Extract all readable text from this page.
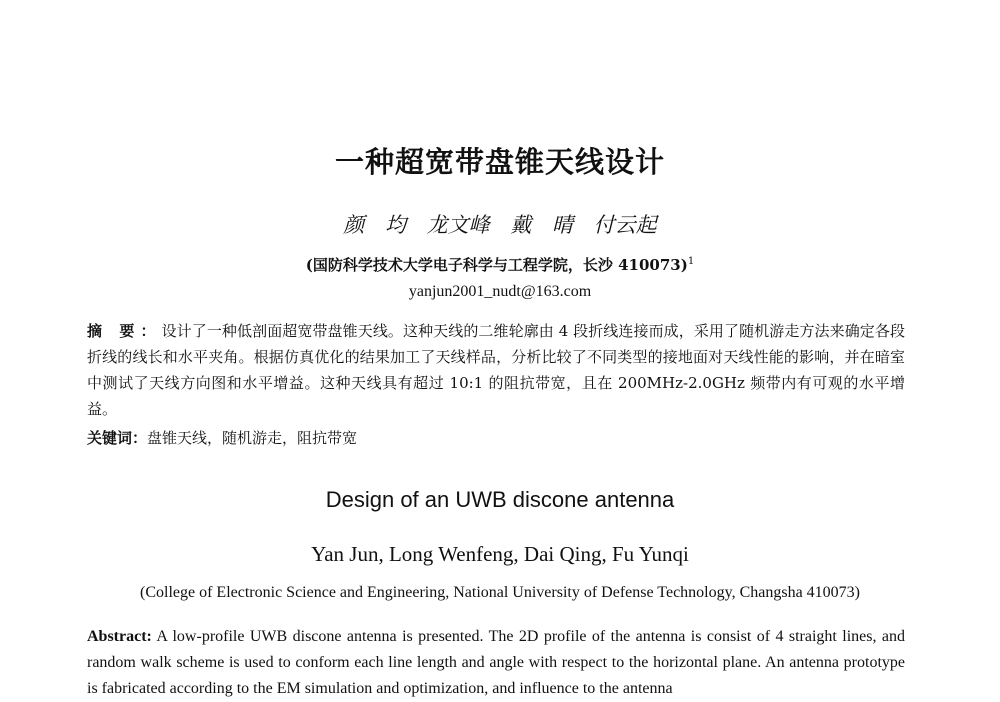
一种超宽带盘锥天线设计
颜 均 龙文峰 戴 晴 付云起
(国防科学技术大学电子科学与工程学院，长沙 410073)$^1$
yanjun2001_nudt@163.com
摘 要：设计了一种低剖面超宽带盘锥天线。这种天线的二维轮廓由 4 段折线连接而成，采用了随机游走方法来确定各段折线的线长和水平夹角。根据仿真优化的结果加工了天线样品，分析比较了不同类型的接地面对天线性能的影响，并在暗室中测试了天线方向图和水平增益。这种天线具有超过 10:1 的阻抗带宽，且在 200MHz-2.0GHz 频带内有可观的水平增益。
关键词：盘锥天线，随机游走，阻抗带宽
Design of an UWB discone antenna
Yan Jun, Long Wenfeng, Dai Qing, Fu Yunqi
(College of Electronic Science and Engineering, National University of Defense Technology, Changsha 410073)
Abstract: A low-profile UWB discone antenna is presented. The 2D profile of the antenna is consist of 4 straight lines, and random walk scheme is used to conform each line length and angle with respect to the horizontal plane. An antenna prototype is fabricated according to the EM simulation and optimization, and influence to the antenna
